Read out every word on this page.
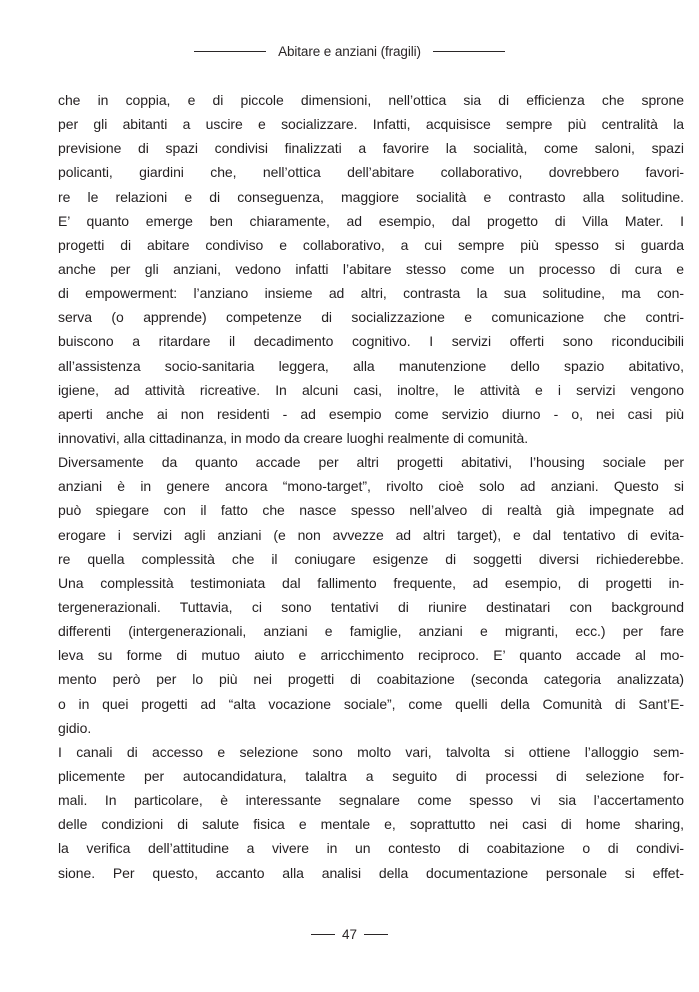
Abitare e anziani (fragili)
che in coppia, e di piccole dimensioni, nell’ottica sia di efficienza che sprone
per gli abitanti a uscire e socializzare. Infatti, acquisisce sempre più centralità la
previsione di spazi condivisi finalizzati a favorire la socialità, come saloni, spazi
policanti, giardini che, nell’ottica dell’abitare collaborativo, dovrebbero favori-
re le relazioni e di conseguenza, maggiore socialità e contrasto alla solitudine.
E’ quanto emerge ben chiaramente, ad esempio, dal progetto di Villa Mater. I
progetti di abitare condiviso e collaborativo, a cui sempre più spesso si guarda
anche per gli anziani, vedono infatti l’abitare stesso come un processo di cura e
di empowerment: l’anziano insieme ad altri, contrasta la sua solitudine, ma con-
serva (o apprende) competenze di socializzazione e comunicazione che contri-
buiscono a ritardare il decadimento cognitivo. I servizi offerti sono riconducibili
all’assistenza socio-sanitaria leggera, alla manutenzione dello spazio abitativo,
igiene, ad attività ricreative. In alcuni casi, inoltre, le attività e i servizi vengono
aperti anche ai non residenti - ad esempio come servizio diurno - o, nei casi più
innovativi, alla cittadinanza, in modo da creare luoghi realmente di comunità.
Diversamente da quanto accade per altri progetti abitativi, l’housing sociale per
anziani è in genere ancora “mono-target”, rivolto cioè solo ad anziani. Questo si
può spiegare con il fatto che nasce spesso nell’alveo di realtà già impegnate ad
erogare i servizi agli anziani (e non avvezze ad altri target), e dal tentativo di evita-
re quella complessità che il coniugare esigenze di soggetti diversi richiederebbe.
Una complessità testimoniata dal fallimento frequente, ad esempio, di progetti in-
tergenerazionali. Tuttavia, ci sono tentativi di riunire destinatari con background
differenti (intergenerazionali, anziani e famiglie, anziani e migranti, ecc.) per fare
leva su forme di mutuo aiuto e arricchimento reciproco. E’ quanto accade al mo-
mento però per lo più nei progetti di coabitazione (seconda categoria analizzata)
o in quei progetti ad “alta vocazione sociale”, come quelli della Comunità di Sant’E-
gidio.
I canali di accesso e selezione sono molto vari, talvolta si ottiene l’alloggio sem-
plicemente per autocandidatura, talaltra a seguito di processi di selezione for-
mali. In particolare, è interessante segnalare come spesso vi sia l’accertamento
delle condizioni di salute fisica e mentale e, soprattutto nei casi di home sharing,
la verifica dell’attitudine a vivere in un contesto di coabitazione o di condivi-
sione. Per questo, accanto alla analisi della documentazione personale si effet-
47
